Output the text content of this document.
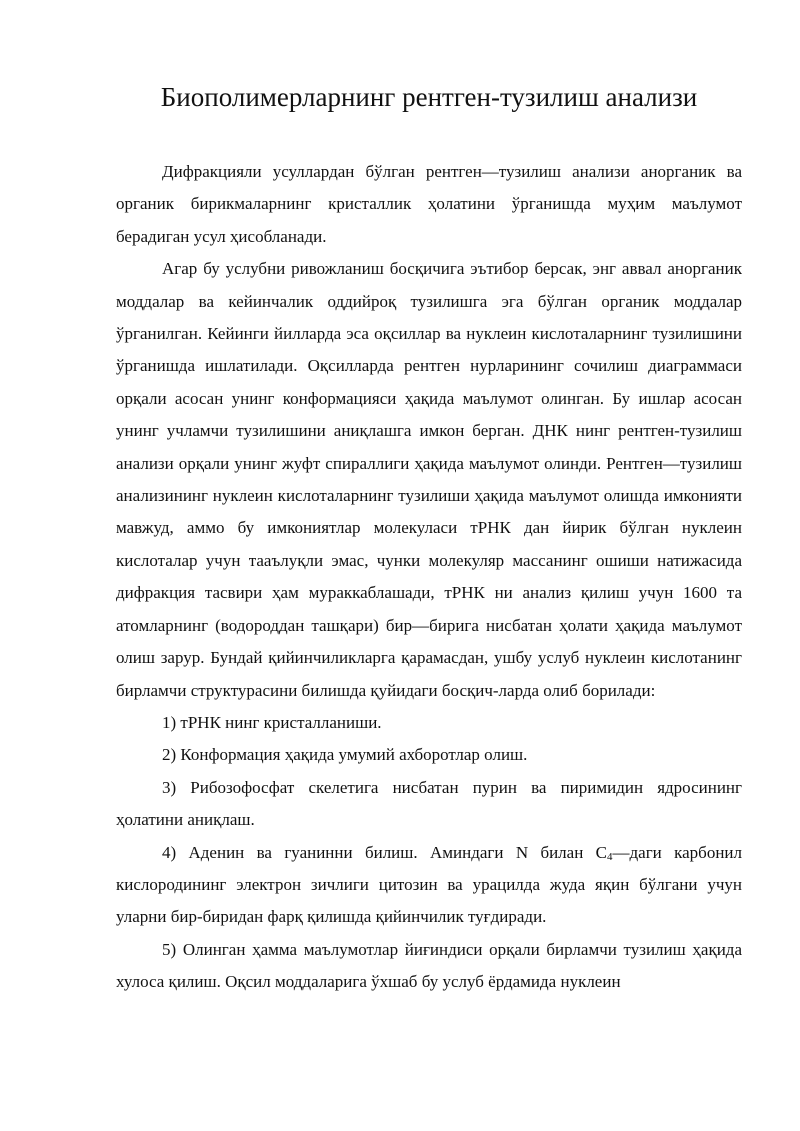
Биополимерларнинг рентген-тузилиш анализи

Дифракцияли усуллардан бўлган рентген—тузилиш анализи анорганик ва органик бирикмаларнинг кристаллик ҳолатини ўрганишда муҳим маълумот берадиган усул ҳисобланади.

Агар бу услубни ривожланиш босқичига эътибор берсак, энг аввал анорганик моддалар ва кейинчалик оддийроқ тузилишга эга бўлган органик моддалар ўрганилган. Кейинги йилларда эса оқсиллар ва нуклеин кислоталарнинг тузилишини ўрганишда ишлатилади. Оқсилларда рентген нурларининг сочилиш диаграммаси орқали асосан унинг конформацияси ҳақида маълумот олинган. Бу ишлар асосан унинг учламчи тузилишини аниқлашга имкон берган. ДНК нинг рентген-тузилиш анализи орқали унинг жуфт спираллиги ҳақида маълумот олинди. Рентген—тузилиш анализининг нуклеин кислоталарнинг тузилиши ҳақида маълумот олишда имконияти мавжуд, аммо бу имкониятлар молекуласи тРНК дан йирик бўлган нуклеин кислоталар учун тааълуқли эмас, чунки молекуляр массанинг ошиши натижасида дифракция тасвири ҳам мураккаблашади, тРНК ни анализ қилиш учун 1600 та атомларнинг (водороддан ташқари) бир—бирига нисбатан ҳолати ҳақида маълумот олиш зарур. Бундай қийинчиликларга қарамасдан, ушбу услуб нуклеин кислотанинг бирламчи структурасини билишда қуйидаги босқич-ларда олиб борилади:

1) тРНК нинг кристалланиши.

2) Конформация ҳақида умумий ахборотлар олиш.

3) Рибозофосфат скелетига нисбатан пурин ва пиримидин ядросининг ҳолатини аниқлаш.

4) Аденин ва гуанинни билиш. Аминдаги N билан $C_4—даги$ карбонил кислородининг электрон зичлиги цитозин ва урацилда жуда яқин бўлгани учун уларни бир-биридан фарқ қилишда қийинчилик туғдиради.

5) Олинган ҳамма маълумотлар йиғиндиси орқали бирламчи тузилиш ҳақида хулоса қилиш. Оқсил моддаларига ўхшаб бу услуб ёрдамида нуклеин
